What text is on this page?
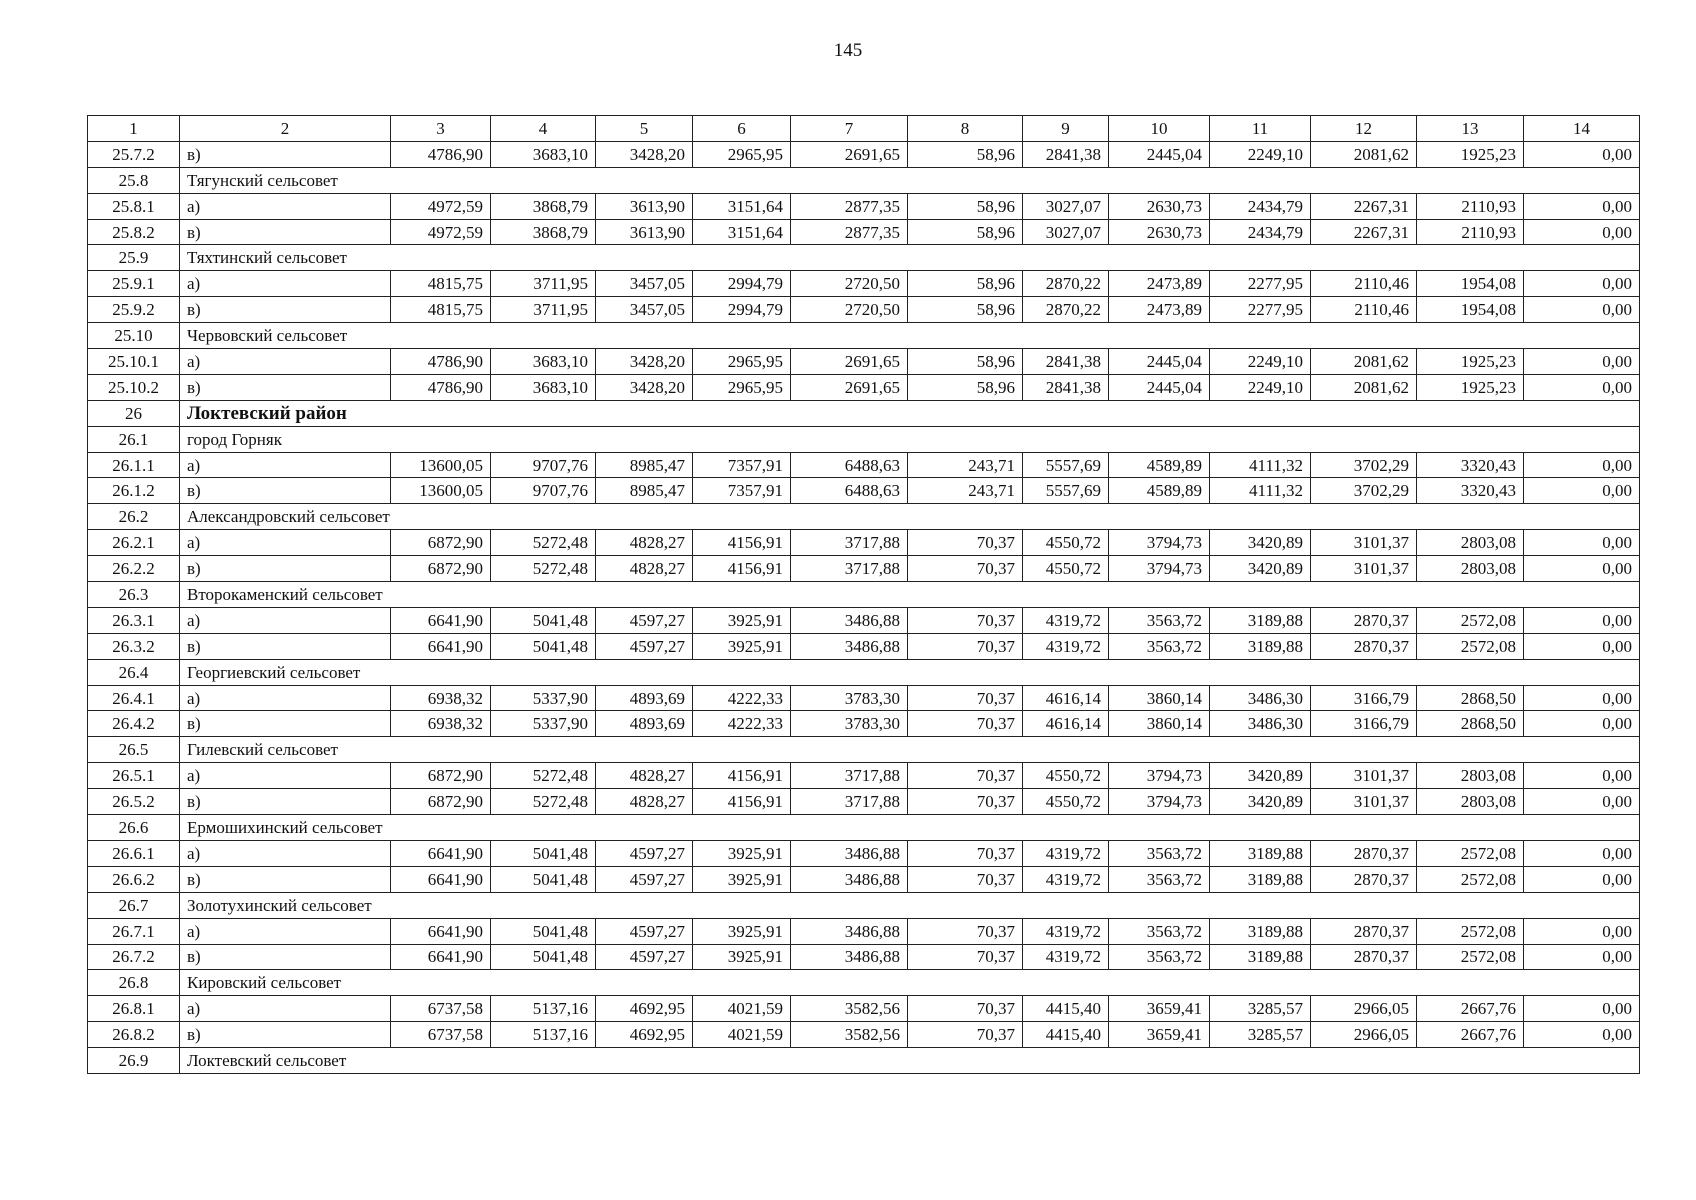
145
1	2	3	4	5	6	7	8	9	10	11	12	13	14
25.7.2	в)	4786,90	3683,10	3428,20	2965,95	2691,65	58,96	2841,38	2445,04	2249,10	2081,62	1925,23	0,00
25.8	Тягунский сельсовет												
25.8.1	а)	4972,59	3868,79	3613,90	3151,64	2877,35	58,96	3027,07	2630,73	2434,79	2267,31	2110,93	0,00
25.8.2	в)	4972,59	3868,79	3613,90	3151,64	2877,35	58,96	3027,07	2630,73	2434,79	2267,31	2110,93	0,00
25.9	Тяхтинский сельсовет												
25.9.1	а)	4815,75	3711,95	3457,05	2994,79	2720,50	58,96	2870,22	2473,89	2277,95	2110,46	1954,08	0,00
25.9.2	в)	4815,75	3711,95	3457,05	2994,79	2720,50	58,96	2870,22	2473,89	2277,95	2110,46	1954,08	0,00
25.10	Червовский сельсовет												
25.10.1	а)	4786,90	3683,10	3428,20	2965,95	2691,65	58,96	2841,38	2445,04	2249,10	2081,62	1925,23	0,00
25.10.2	в)	4786,90	3683,10	3428,20	2965,95	2691,65	58,96	2841,38	2445,04	2249,10	2081,62	1925,23	0,00
26	Локтевский район												
26.1	город Горняк												
26.1.1	а)	13600,05	9707,76	8985,47	7357,91	6488,63	243,71	5557,69	4589,89	4111,32	3702,29	3320,43	0,00
26.1.2	в)	13600,05	9707,76	8985,47	7357,91	6488,63	243,71	5557,69	4589,89	4111,32	3702,29	3320,43	0,00
26.2	Александровский сельсовет												
26.2.1	а)	6872,90	5272,48	4828,27	4156,91	3717,88	70,37	4550,72	3794,73	3420,89	3101,37	2803,08	0,00
26.2.2	в)	6872,90	5272,48	4828,27	4156,91	3717,88	70,37	4550,72	3794,73	3420,89	3101,37	2803,08	0,00
26.3	Второкаменский сельсовет												
26.3.1	а)	6641,90	5041,48	4597,27	3925,91	3486,88	70,37	4319,72	3563,72	3189,88	2870,37	2572,08	0,00
26.3.2	в)	6641,90	5041,48	4597,27	3925,91	3486,88	70,37	4319,72	3563,72	3189,88	2870,37	2572,08	0,00
26.4	Георгиевский сельсовет												
26.4.1	а)	6938,32	5337,90	4893,69	4222,33	3783,30	70,37	4616,14	3860,14	3486,30	3166,79	2868,50	0,00
26.4.2	в)	6938,32	5337,90	4893,69	4222,33	3783,30	70,37	4616,14	3860,14	3486,30	3166,79	2868,50	0,00
26.5	Гилевский сельсовет												
26.5.1	а)	6872,90	5272,48	4828,27	4156,91	3717,88	70,37	4550,72	3794,73	3420,89	3101,37	2803,08	0,00
26.5.2	в)	6872,90	5272,48	4828,27	4156,91	3717,88	70,37	4550,72	3794,73	3420,89	3101,37	2803,08	0,00
26.6	Ермошихинский сельсовет												
26.6.1	а)	6641,90	5041,48	4597,27	3925,91	3486,88	70,37	4319,72	3563,72	3189,88	2870,37	2572,08	0,00
26.6.2	в)	6641,90	5041,48	4597,27	3925,91	3486,88	70,37	4319,72	3563,72	3189,88	2870,37	2572,08	0,00
26.7	Золотухинский сельсовет												
26.7.1	а)	6641,90	5041,48	4597,27	3925,91	3486,88	70,37	4319,72	3563,72	3189,88	2870,37	2572,08	0,00
26.7.2	в)	6641,90	5041,48	4597,27	3925,91	3486,88	70,37	4319,72	3563,72	3189,88	2870,37	2572,08	0,00
26.8	Кировский сельсовет												
26.8.1	а)	6737,58	5137,16	4692,95	4021,59	3582,56	70,37	4415,40	3659,41	3285,57	2966,05	2667,76	0,00
26.8.2	в)	6737,58	5137,16	4692,95	4021,59	3582,56	70,37	4415,40	3659,41	3285,57	2966,05	2667,76	0,00
26.9	Локтевский сельсовет												
